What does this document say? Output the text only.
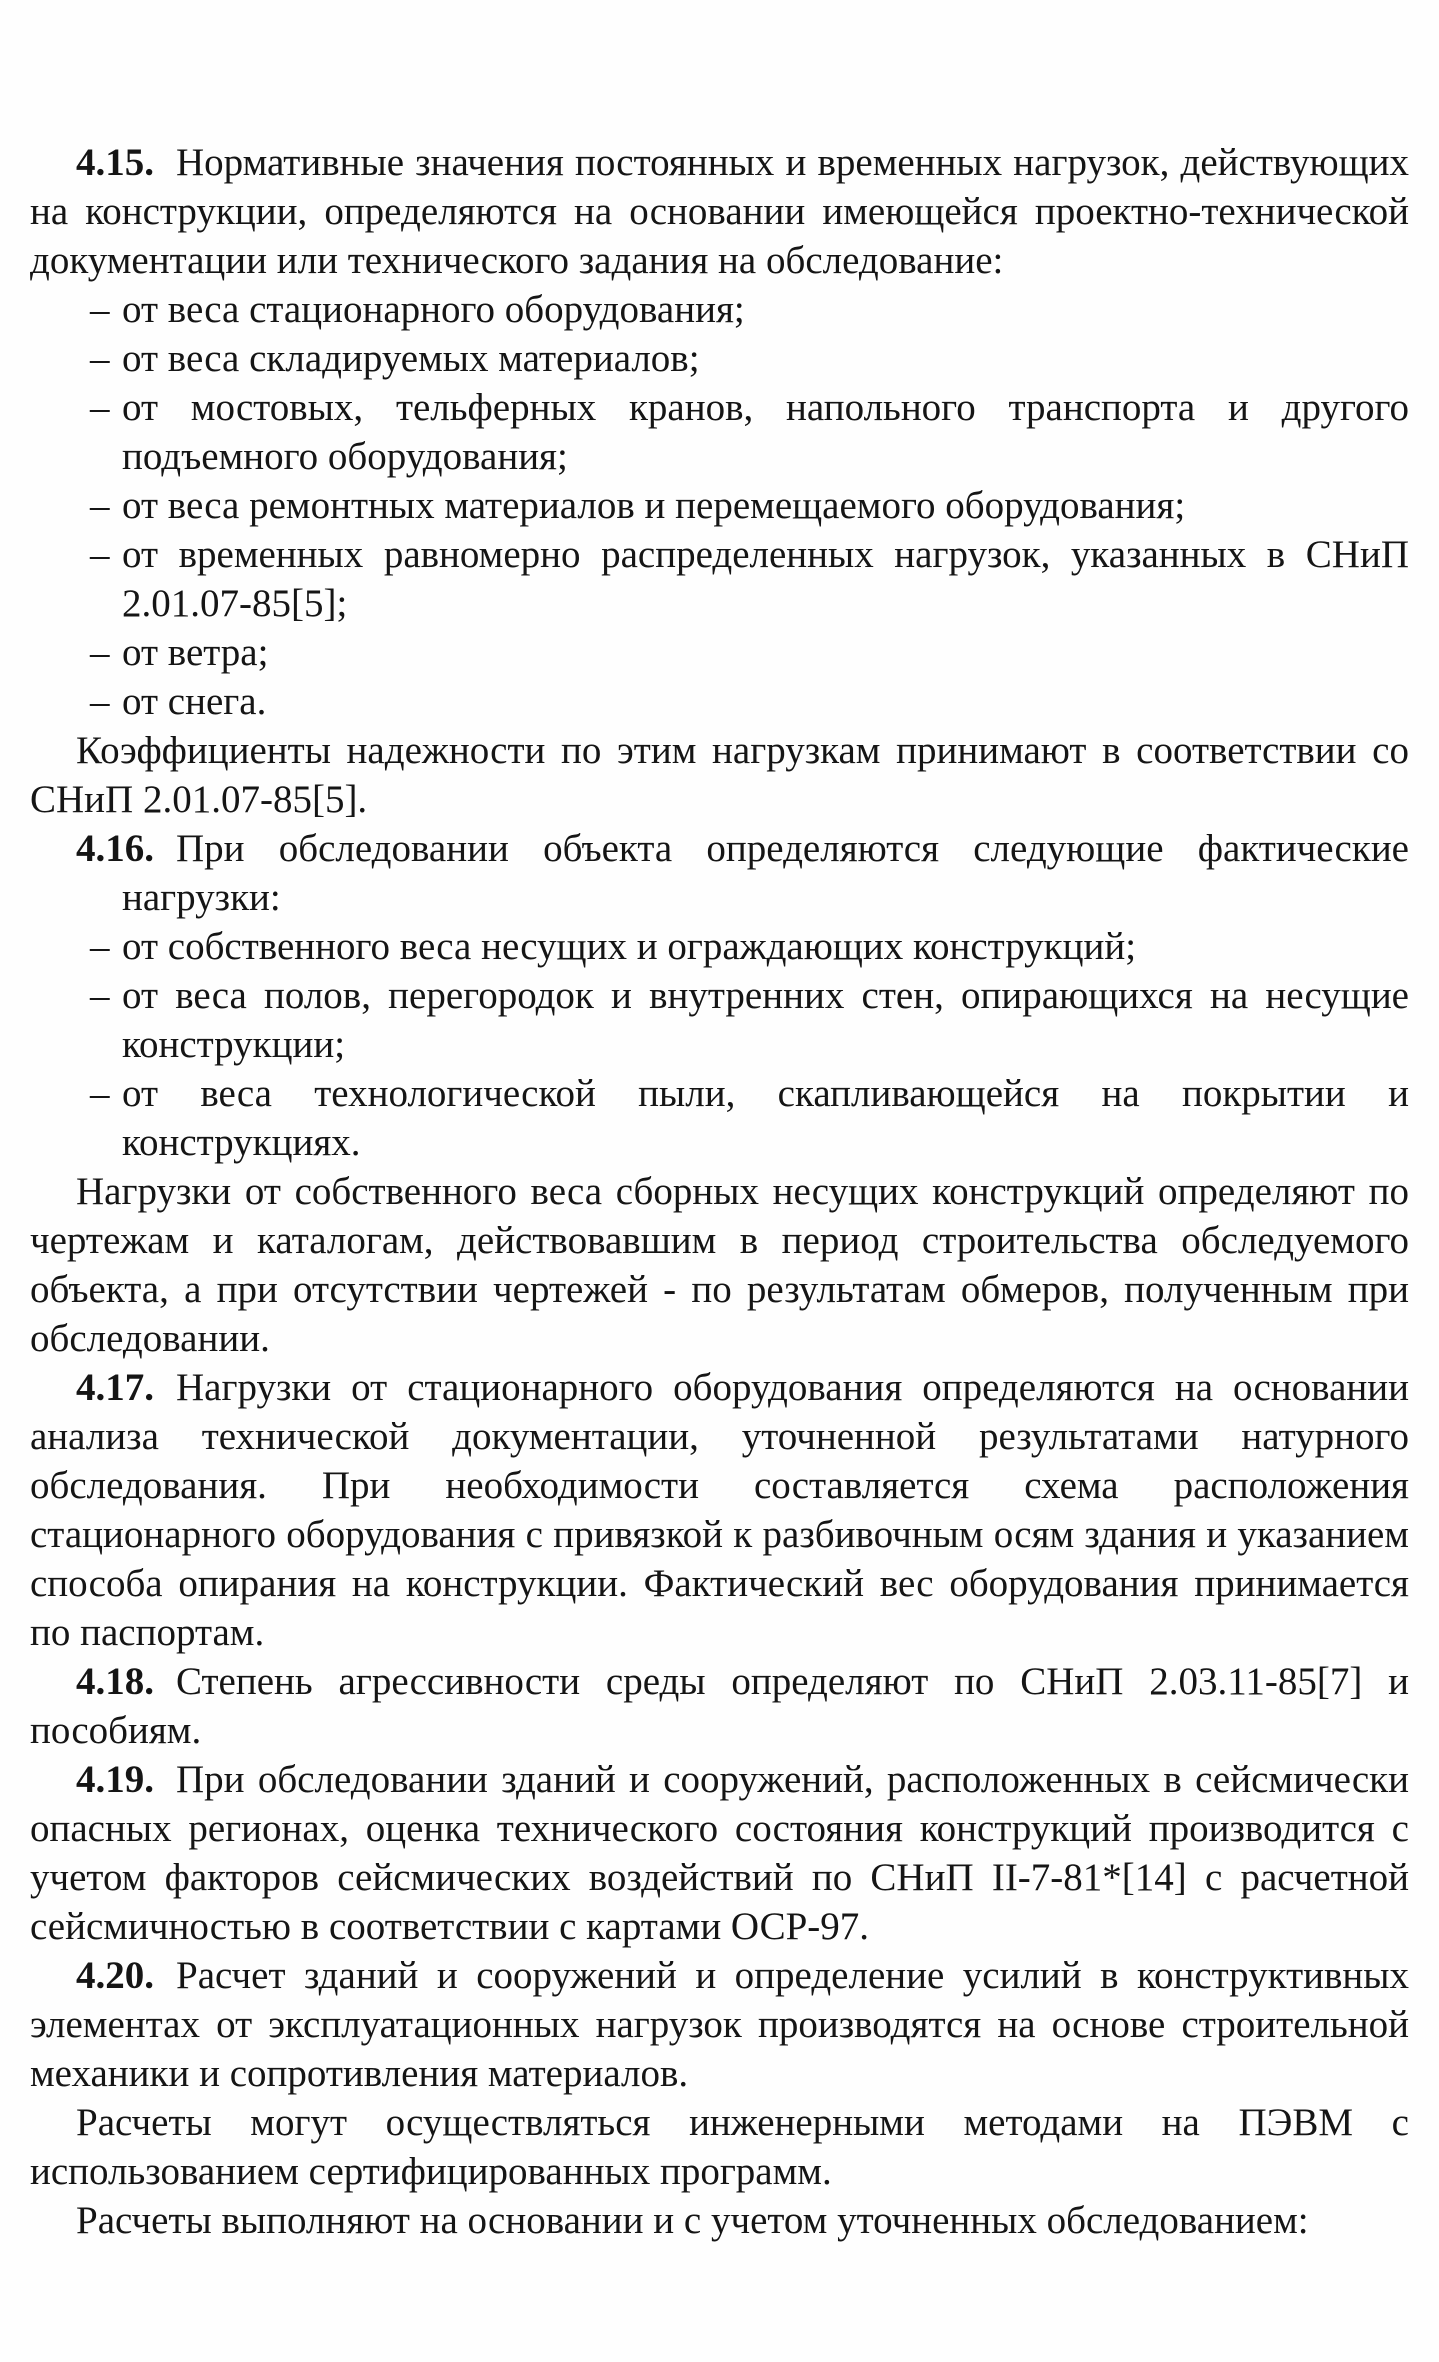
4.15. Нормативные значения постоянных и временных нагрузок, действующих на конструкции, определяются на основании имеющейся проектно-технической документации или технического задания на обследование:

– от веса стационарного оборудования;

– от веса складируемых материалов;

– от мостовых, тельферных кранов, напольного транспорта и другого подъемного оборудования;

– от веса ремонтных материалов и перемещаемого оборудования;

– от временных равномерно распределенных нагрузок, указанных в СНиП 2.01.07-85[5];

– от ветра;

– от снега.

Коэффициенты надежности по этим нагрузкам принимают в соответствии со СНиП 2.01.07-85[5].

4.16. При обследовании объекта определяются следующие фактические нагрузки:

– от собственного веса несущих и ограждающих конструкций;

– от веса полов, перегородок и внутренних стен, опирающихся на несущие конструкции;

– от веса технологической пыли, скапливающейся на покрытии и конструкциях.

Нагрузки от собственного веса сборных несущих конструкций определяют по чертежам и каталогам, действовавшим в период строительства обследуемого объекта, а при отсутствии чертежей - по результатам обмеров, полученным при обследовании.

4.17. Нагрузки от стационарного оборудования определяются на основании анализа технической документации, уточненной результатами натурного обследования. При необходимости составляется схема расположения стационарного оборудования с привязкой к разбивочным осям здания и указанием способа опирания на конструкции. Фактический вес оборудования принимается по паспортам.

4.18. Степень агрессивности среды определяют по СНиП 2.03.11-85[7] и пособиям.

4.19. При обследовании зданий и сооружений, расположенных в сейсмически опасных регионах, оценка технического состояния конструкций производится с учетом факторов сейсмических воздействий по СНиП II-7-81*[14] с расчетной сейсмичностью в соответствии с картами ОСР-97.

4.20. Расчет зданий и сооружений и определение усилий в конструктивных элементах от эксплуатационных нагрузок производятся на основе строительной механики и сопротивления материалов.

Расчеты могут осуществляться инженерными методами на ПЭВМ с использованием сертифицированных программ.

Расчеты выполняют на основании и с учетом уточненных обследованием:
